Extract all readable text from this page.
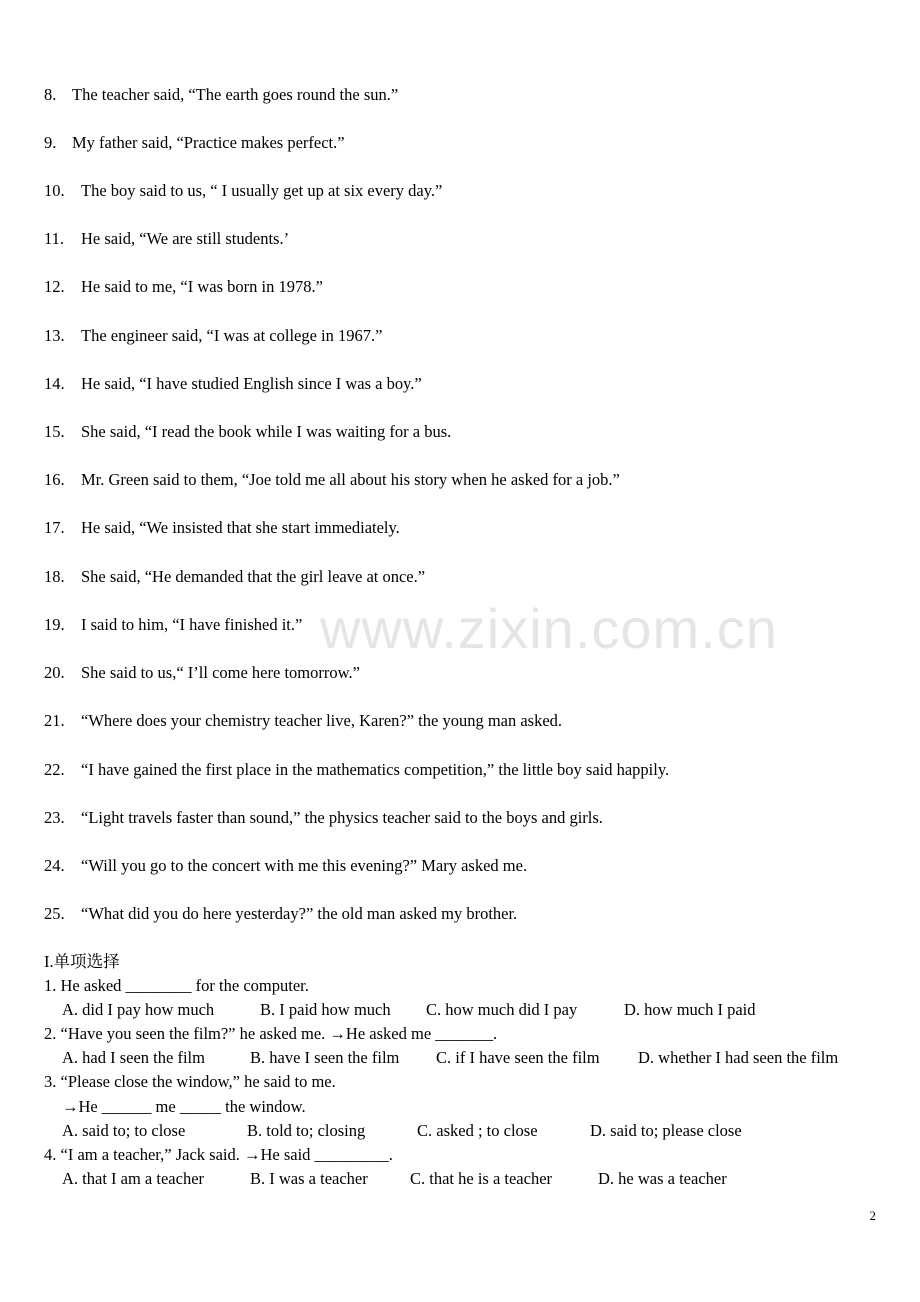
www.zixin.com.cn
8. The teacher said, “The earth goes round the sun.”
9. My father said, “Practice makes perfect.”
10. The boy said to us, “ I usually get up at six every day.”
11. He said, “We are still students.’
12. He said to me, “I was born in 1978.”
13. The engineer said, “I was at college in 1967.”
14. He said, “I have studied English since I was a boy.”
15. She said, “I read the book while I was waiting for a bus.
16. Mr. Green said to them, “Joe told me all about his story when he asked for a job.”
17. He said, “We insisted that she start immediately.
18. She said, “He demanded that the girl leave at once.”
19. I said to him, “I have finished it.”
20. She said to us,“ I’ll come here tomorrow.”
21. “Where does your chemistry teacher live, Karen?” the young man asked.
22. “I have gained the first place in the mathematics competition,” the little boy said happily.
23. “Light travels faster than sound,” the physics teacher said to the boys and girls.
24. “Will you go to the concert with me this evening?” Mary asked me.
25. “What did you do here yesterday?” the old man asked my brother.
I.单项选择
1. He asked ________ for the computer.
A. did I pay how much	B. I paid how much C. how much did I pay	D. how much I paid
2. “Have you seen the film?” he asked me. →He asked me _______.
A. had I seen the film	B. have I seen the film C. if I have seen the film D. whether I had seen the film
3. “Please close the window,” he said to me.
→He ______ me _____ the window.
A. said to; to close	B. told to; closing	C. asked ; to close	D. said to; please close
4. “I am a teacher,” Jack said. →He said _________.
A. that I am a teacher	B. I was a teacher	C. that he is a teacher	D. he was a teacher
2
